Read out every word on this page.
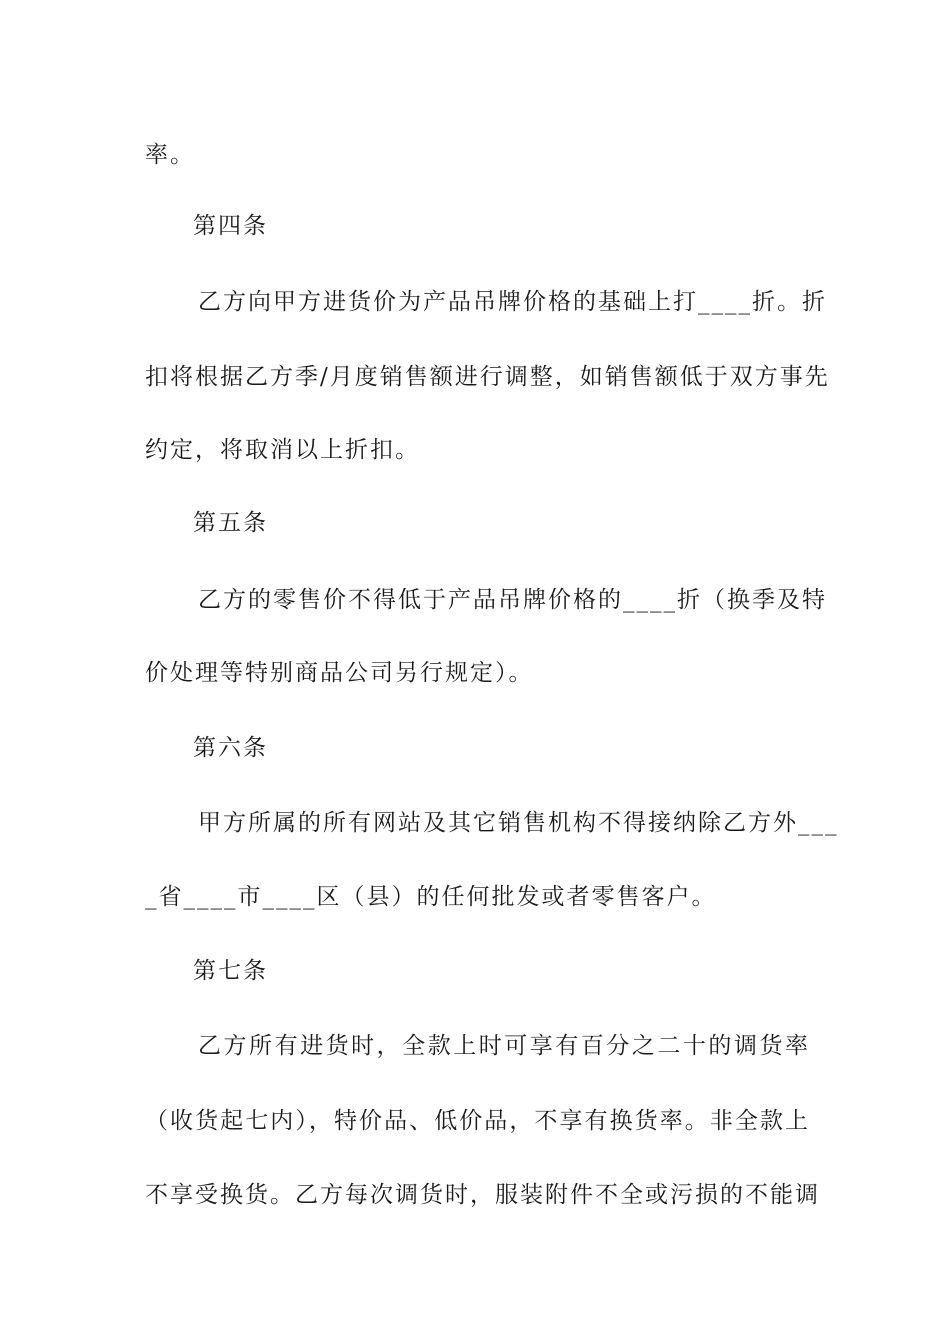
率。
第四条
乙方向甲方进货价为产品吊牌价格的基础上打____折。折
扣将根据乙方季/月度销售额进行调整，如销售额低于双方事先
约定，将取消以上折扣。
第五条
乙方的零售价不得低于产品吊牌价格的____折（换季及特
价处理等特别商品公司另行规定）。
第六条
甲方所属的所有网站及其它销售机构不得接纳除乙方外___
_省____市____区（县）的任何批发或者零售客户。
第七条
乙方所有进货时，全款上时可享有百分之二十的调货率
（收货起七内），特价品、低价品，不享有换货率。非全款上
不享受换货。乙方每次调货时，服装附件不全或污损的不能调
